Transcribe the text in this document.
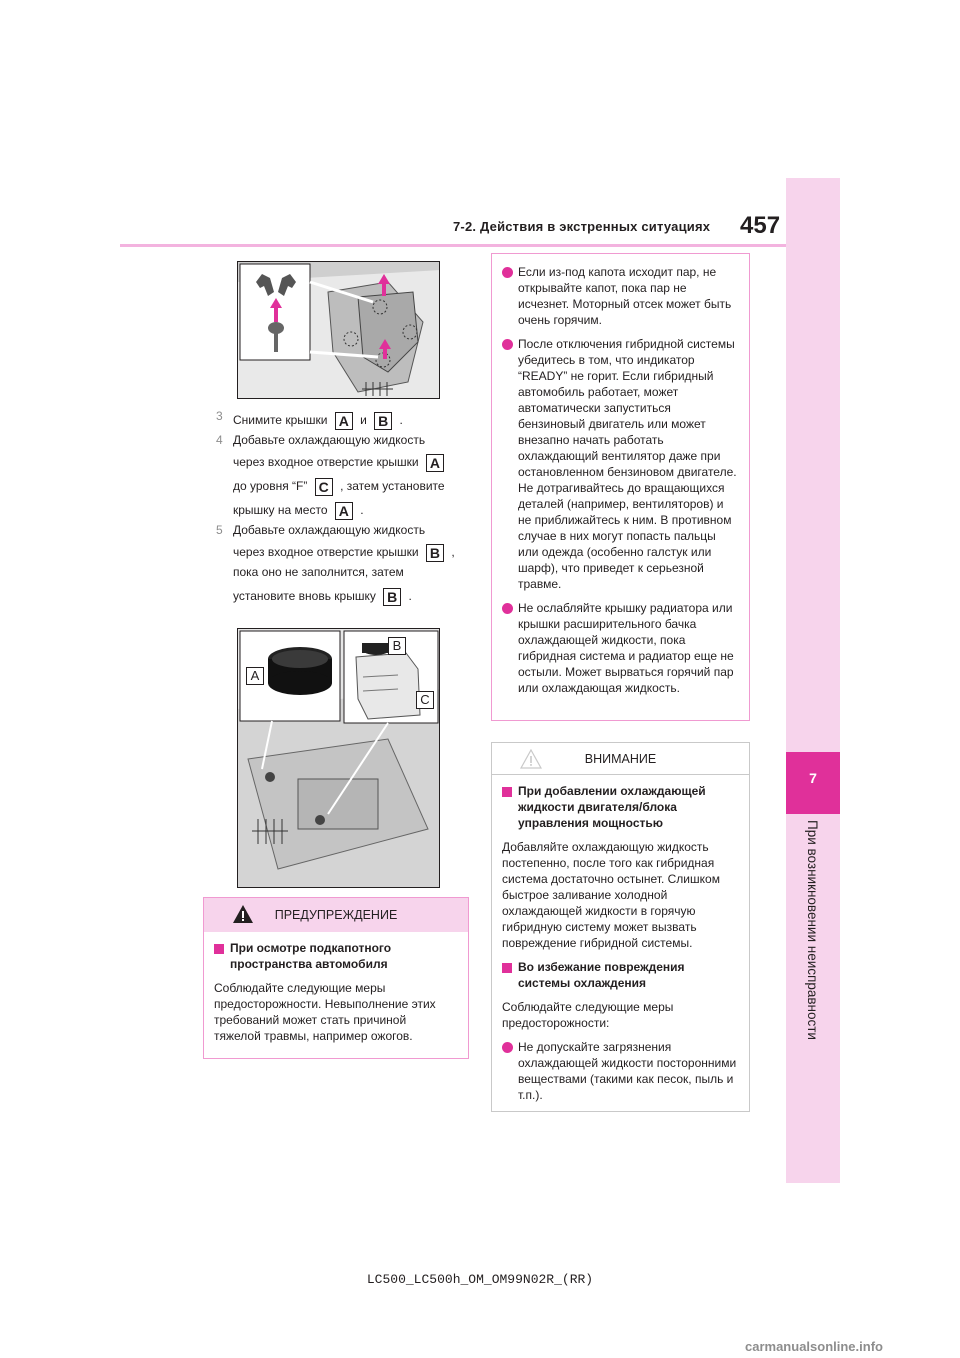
7
При возникновении неисправности
7-2. Действия в экстренных ситуациях 457
3 Снимите крышки A и B .
4 Добавьте охлаждающую жидкость
через входное отверстие крышки A
до уровня “F” C , затем установите
крышку на место A .
5 Добавьте охлаждающую жидкость
через входное отверстие крышки B ,
пока оно не заполнится, затем
установите вновь крышку B .
A
B
C
ПРЕДУПРЕЖДЕНИЕ
При осмотре подкапотного пространства автомобиля
Соблюдайте следующие меры предосторожности. Невыполнение этих требований может стать причиной тяжелой травмы, например ожогов.
Если из-под капота исходит пар, не открывайте капот, пока пар не исчезнет. Моторный отсек может быть очень горячим.
После отключения гибридной системы убедитесь в том, что индикатор “READY” не горит. Если гибридный автомобиль работает, может автоматически запуститься бензиновый двигатель или может внезапно начать работать охлаждающий вентилятор даже при остановленном бензиновом двигателе. Не дотрагивайтесь до вращающихся деталей (например, вентиляторов) и не приближайтесь к ним. В противном случае в них могут попасть пальцы или одежда (особенно галстук или шарф), что приведет к серьезной травме.
Не ослабляйте крышку радиатора или крышки расширительного бачка охлаждающей жидкости, пока гибридная система и радиатор еще не остыли. Может вырваться горячий пар или охлаждающая жидкость.
ВНИМАНИЕ
При добавлении охлаждающей жидкости двигателя/блока управления мощностью
Добавляйте охлаждающую жидкость постепенно, после того как гибридная система достаточно остынет. Слишком быстрое заливание холодной охлаждающей жидкости в горячую гибридную систему может вызвать повреждение гибридной системы.
Во избежание повреждения системы охлаждения
Соблюдайте следующие меры предосторожности:
Не допускайте загрязнения охлаждающей жидкости посторонними веществами (такими как песок, пыль и т.п.).
LC500_LC500h_OM_OM99N02R_(RR)
carmanualsonline.info
